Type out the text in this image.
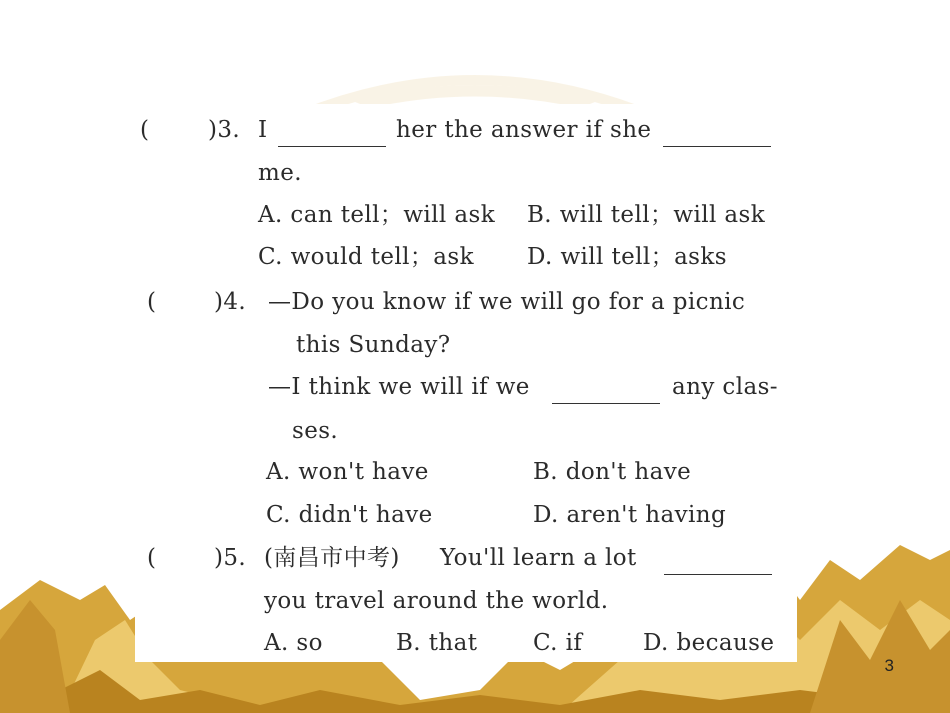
(	)3. I	her the answer if she
me.
A. can tell；will ask B. will tell；will ask
C. would tell；ask D. will tell；asks
(	)4. —Do you know if we will go for a picnic
this Sunday?
—I think we will if we	any clas-
ses.
A. won't have	B. don't have
C. didn't have	D. aren't having
(	)5. (南昌市中考) You'll learn a lot
you travel around the world.
A. so	B. that C. if	D. because
3
